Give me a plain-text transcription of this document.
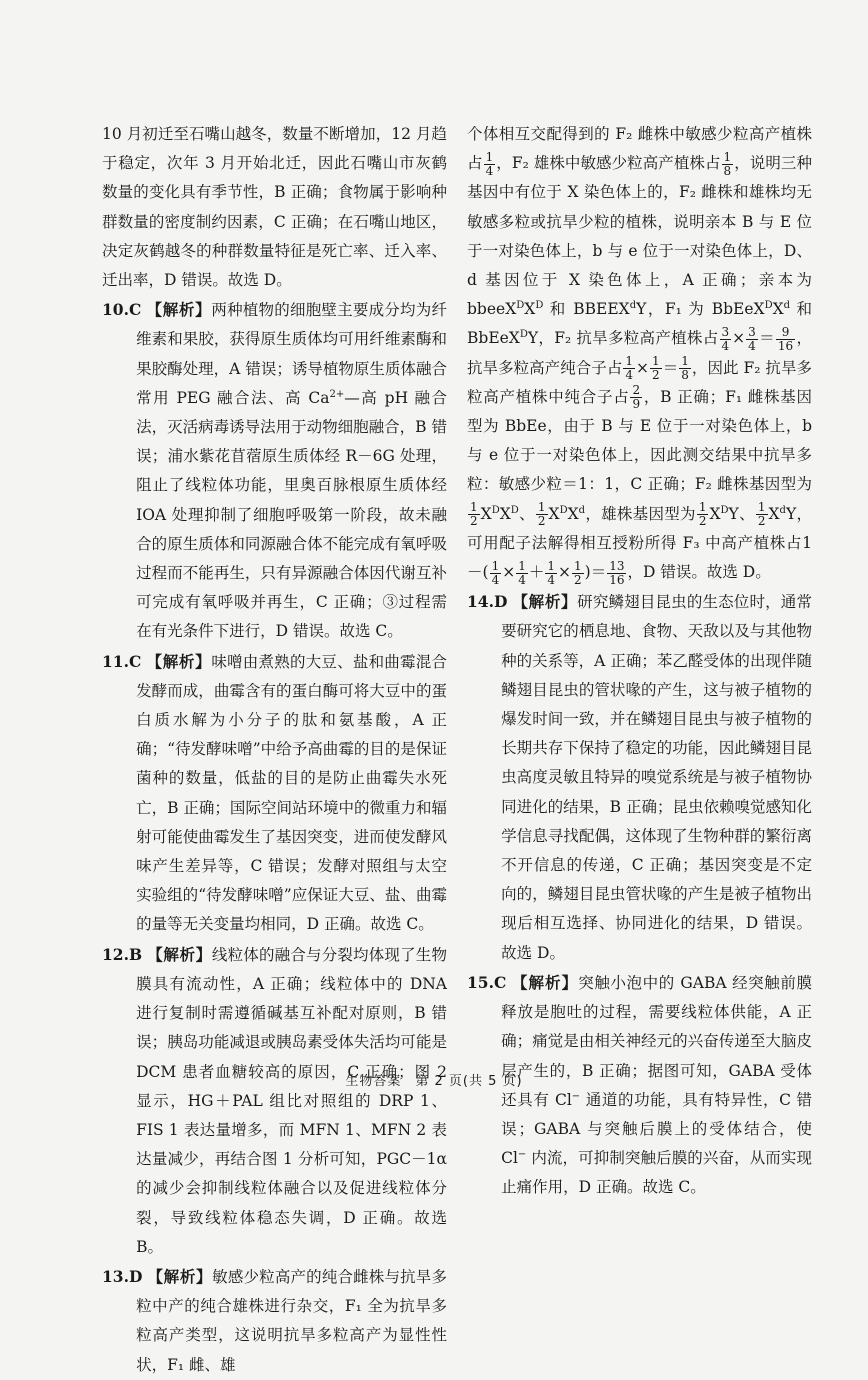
10 月初迁至石嘴山越冬，数量不断增加，12 月趋于稳定，次年 3 月开始北迁，因此石嘴山市灰鹤数量的变化具有季节性，B 正确；食物属于影响种群数量的密度制约因素，C 正确；在石嘴山地区，决定灰鹤越冬的种群数量特征是死亡率、迁入率、迁出率，D 错误。故选 D。

10.C 【解析】两种植物的细胞壁主要成分均为纤维素和果胶，获得原生质体均可用纤维素酶和果胶酶处理，A 错误；诱导植物原生质体融合常用 PEG 融合法、高 $Ca^{2+}—$高 pH 融合法，灭活病毒诱导法用于动物细胞融合，B 错误；浦水紫花苜蓿原生质体经 R－6G 处理，阻止了线粒体功能，里奥百脉根原生质体经 IOA 处理抑制了细胞呼吸第一阶段，故未融合的原生质体和同源融合体不能完成有氧呼吸过程而不能再生，只有异源融合体因代谢互补可完成有氧呼吸并再生，C 正确；③过程需在有光条件下进行，D 错误。故选 C。

11.C 【解析】味噌由煮熟的大豆、盐和曲霉混合发酵而成，曲霉含有的蛋白酶可将大豆中的蛋白质水解为小分子的肽和氨基酸，A 正确；“待发酵味噌”中给予高曲霉的目的是保证菌种的数量，低盐的目的是防止曲霉失水死亡，B 正确；国际空间站环境中的微重力和辐射可能使曲霉发生了基因突变，进而使发酵风味产生差异等，C 错误；发酵对照组与太空实验组的“待发酵味噌”应保证大豆、盐、曲霉的量等无关变量均相同，D 正确。故选 C。

12.B 【解析】线粒体的融合与分裂均体现了生物膜具有流动性，A 正确；线粒体中的 DNA 进行复制时需遵循碱基互补配对原则，B 错误；胰岛功能减退或胰岛素受体失活均可能是 DCM 患者血糖较高的原因，C 正确；图 2 显示，HG＋PAL 组比对照组的 DRP 1、FIS 1 表达量增多，而 MFN 1、MFN 2 表达量减少，再结合图 1 分析可知，PGC－1α 的减少会抑制线粒体融合以及促进线粒体分裂，导致线粒体稳态失调，D 正确。故选 B。

13.D 【解析】敏感少粒高产的纯合雌株与抗旱多粒中产的纯合雄株进行杂交，F₁ 全为抗旱多粒高产类型，这说明抗旱多粒高产为显性性状，F₁ 雌、雄

个体相互交配得到的 F₂ 雌株中敏感少粒高产植株占 $\frac{1}{4}$ ，F₂ 雄株中敏感少粒高产植株占 $\frac{1}{8}$ ，说明三种基因中有位于 X 染色体上的，F₂ 雌株和雄株均无敏感多粒或抗旱少粒的植株，说明亲本 B 与 E 位于一对染色体上，b 与 e 位于一对染色体上，D、d 基因位于 X 染色体上，A 正确；亲本为 $bbeeX^DX^D$ 和 BBEEX$^d$Y，F₁ 为 $BbEeX^DX^d$ 和 BbEeX$^D$Y，F₂ 抗旱多粒高产植株占 $\frac{3}{4} \times \frac{3}{4} = \frac{9}{16}$ ，抗旱多粒高产纯合子占 $\frac{1}{4} \times \frac{1}{2} = \frac{1}{8}$ ，因此 F₂ 抗旱多粒高产植株中纯合子占 $\frac{2}{9}$ ，B 正确；F₁ 雌株基因型为 BbEe，由于 B 与 E 位于一对染色体上，b 与 e 位于一对染色体上，因此测交结果中抗旱多粒：敏感少粒＝1：1，C 正确；F₂ 雌株基因型为
$\frac{1}{2} X^DX^D$、 $\frac{1}{2} X^DX^d$，雄株基因型为 $\frac{1}{2} X^DY$、 $\frac{1}{2} X^dY$，可用配子法解得相互授粉所得 F₃ 中高产植株占$1-( \frac{1}{4} \times \frac{1}{4} + \frac{1}{4} \times \frac{1}{2}$ )＝ $\frac{13}{16}$ ，D 错误。故选 D。

14.D 【解析】研究鳞翅目昆虫的生态位时，通常要研究它的栖息地、食物、天敌以及与其他物种的关系等，A 正确；苯乙醛受体的出现伴随鳞翅目昆虫的管状喙的产生，这与被子植物的爆发时间一致，并在鳞翅目昆虫与被子植物的长期共存下保持了稳定的功能，因此鳞翅目昆虫高度灵敏且特异的嗅觉系统是与被子植物协同进化的结果，B 正确；昆虫依赖嗅觉感知化学信息寻找配偶，这体现了生物种群的繁衍离不开信息的传递，C 正确；基因突变是不定向的，鳞翅目昆虫管状喙的产生是被子植物出现后相互选择、协同进化的结果，D 错误。故选 D。

15.C 【解析】突触小泡中的 GABA 经突触前膜释放是胞吐的过程，需要线粒体供能，A 正确；痛觉是由相关神经元的兴奋传递至大脑皮层产生的，B 正确；据图可知，GABA 受体还具有 Cl− 通道的功能，具有特异性，C 错误；GABA 与突触后膜上的受体结合，使 Cl− 内流，可抑制突触后膜的兴奋，从而实现止痛作用，D 正确。故选 C。

生物答案　第 2 页(共 5 页)
